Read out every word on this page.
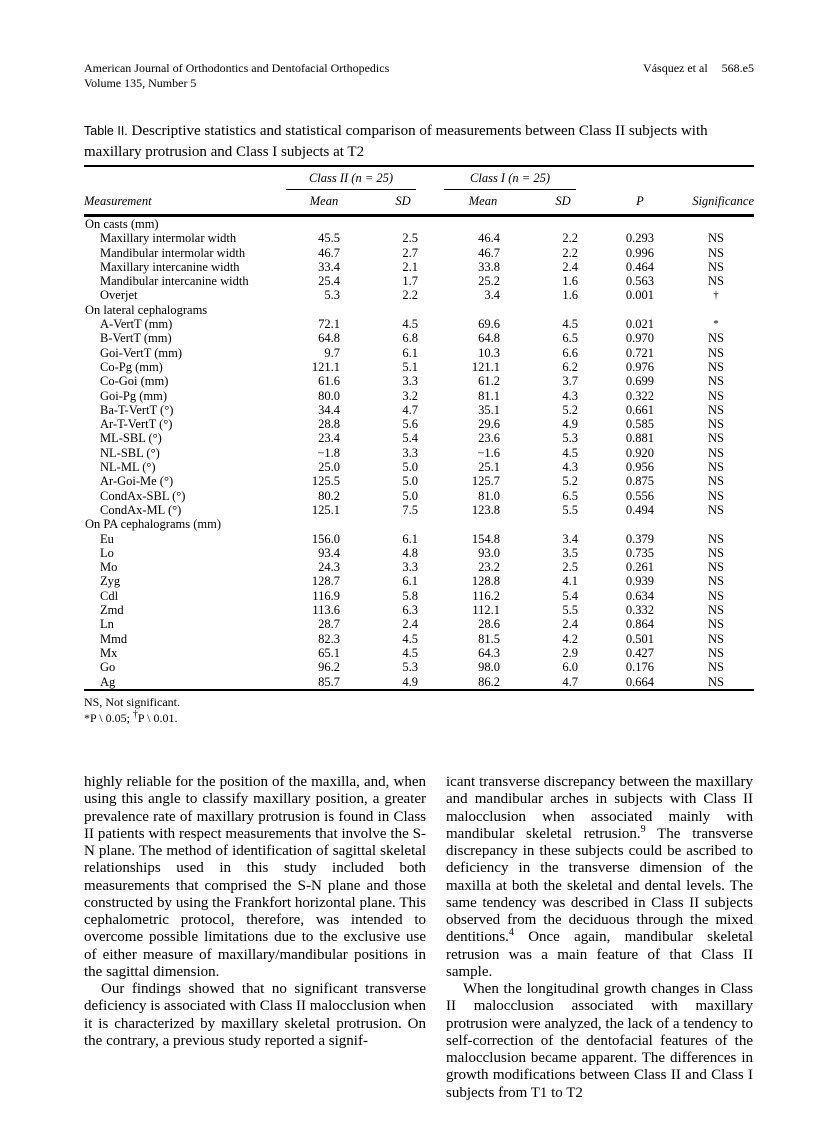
American Journal of Orthodontics and Dentofacial Orthopedics
Volume 135, Number 5
Vásquez et al 568.e5
Table II. Descriptive statistics and statistical comparison of measurements between Class II subjects with maxillary protrusion and Class I subjects at T2

	Class II (n = 25)		Class I (n = 25)			

Measurement	Mean	SD	Mean	SD	P	Significance
On casts (mm)						
Maxillary intermolar width	45.5	2.5	46.4	2.2	0.293	NS
Mandibular intermolar width	46.7	2.7	46.7	2.2	0.996	NS
Maxillary intercanine width	33.4	2.1	33.8	2.4	0.464	NS
Mandibular intercanine width	25.4	1.7	25.2	1.6	0.563	NS
Overjet	5.3	2.2	3.4	1.6	0.001	†
On lateral cephalograms						
A-VertT (mm)	72.1	4.5	69.6	4.5	0.021	*
B-VertT (mm)	64.8	6.8	64.8	6.5	0.970	NS
Goi-VertT (mm)	9.7	6.1	10.3	6.6	0.721	NS
Co-Pg (mm)	121.1	5.1	121.1	6.2	0.976	NS
Co-Goi (mm)	61.6	3.3	61.2	3.7	0.699	NS
Goi-Pg (mm)	80.0	3.2	81.1	4.3	0.322	NS
Ba-T-VertT (°)	34.4	4.7	35.1	5.2	0.661	NS
Ar-T-VertT (°)	28.8	5.6	29.6	4.9	0.585	NS
ML-SBL (°)	23.4	5.4	23.6	5.3	0.881	NS
NL-SBL (°)	−1.8	3.3	−1.6	4.5	0.920	NS
NL-ML (°)	25.0	5.0	25.1	4.3	0.956	NS
Ar-Goi-Me (°)	125.5	5.0	125.7	5.2	0.875	NS
CondAx-SBL (°)	80.2	5.0	81.0	6.5	0.556	NS
CondAx-ML (°)	125.1	7.5	123.8	5.5	0.494	NS
On PA cephalograms (mm)						
Eu	156.0	6.1	154.8	3.4	0.379	NS
Lo	93.4	4.8	93.0	3.5	0.735	NS
Mo	24.3	3.3	23.2	2.5	0.261	NS
Zyg	128.7	6.1	128.8	4.1	0.939	NS
Cdl	116.9	5.8	116.2	5.4	0.634	NS
Zmd	113.6	6.3	112.1	5.5	0.332	NS
Ln	28.7	2.4	28.6	2.4	0.864	NS
Mmd	82.3	4.5	81.5	4.2	0.501	NS
Mx	65.1	4.5	64.3	2.9	0.427	NS
Go	96.2	5.3	98.0	6.0	0.176	NS
Ag	85.7	4.9	86.2	4.7	0.664	NS
NS, Not significant.
*P \ 0.05; †P \ 0.01.

highly reliable for the position of the maxilla, and, when using this angle to classify maxillary position, a greater prevalence rate of maxillary protrusion is found in Class II patients with respect measurements that involve the S-N plane. The method of identification of sagittal skeletal relationships used in this study included both measurements that comprised the S-N plane and those constructed by using the Frankfort horizontal plane. This cephalometric protocol, therefore, was intended to overcome possible limitations due to the exclusive use of either measure of maxillary/mandibular positions in the sagittal dimension.

Our findings showed that no significant transverse deficiency is associated with Class II malocclusion when it is characterized by maxillary skeletal protrusion. On the contrary, a previous study reported a signif-

icant transverse discrepancy between the maxillary and mandibular arches in subjects with Class II malocclusion when associated mainly with mandibular skeletal retrusion.$^9$ The transverse discrepancy in these subjects could be ascribed to deficiency in the transverse dimension of the maxilla at both the skeletal and dental levels. The same tendency was described in Class II subjects observed from the deciduous through the mixed dentitions.$^4$ Once again, mandibular skeletal retrusion was a main feature of that Class II sample.

When the longitudinal growth changes in Class II malocclusion associated with maxillary protrusion were analyzed, the lack of a tendency to self-correction of the dentofacial features of the malocclusion became apparent. The differences in growth modifications between Class II and Class I subjects from T1 to T2
